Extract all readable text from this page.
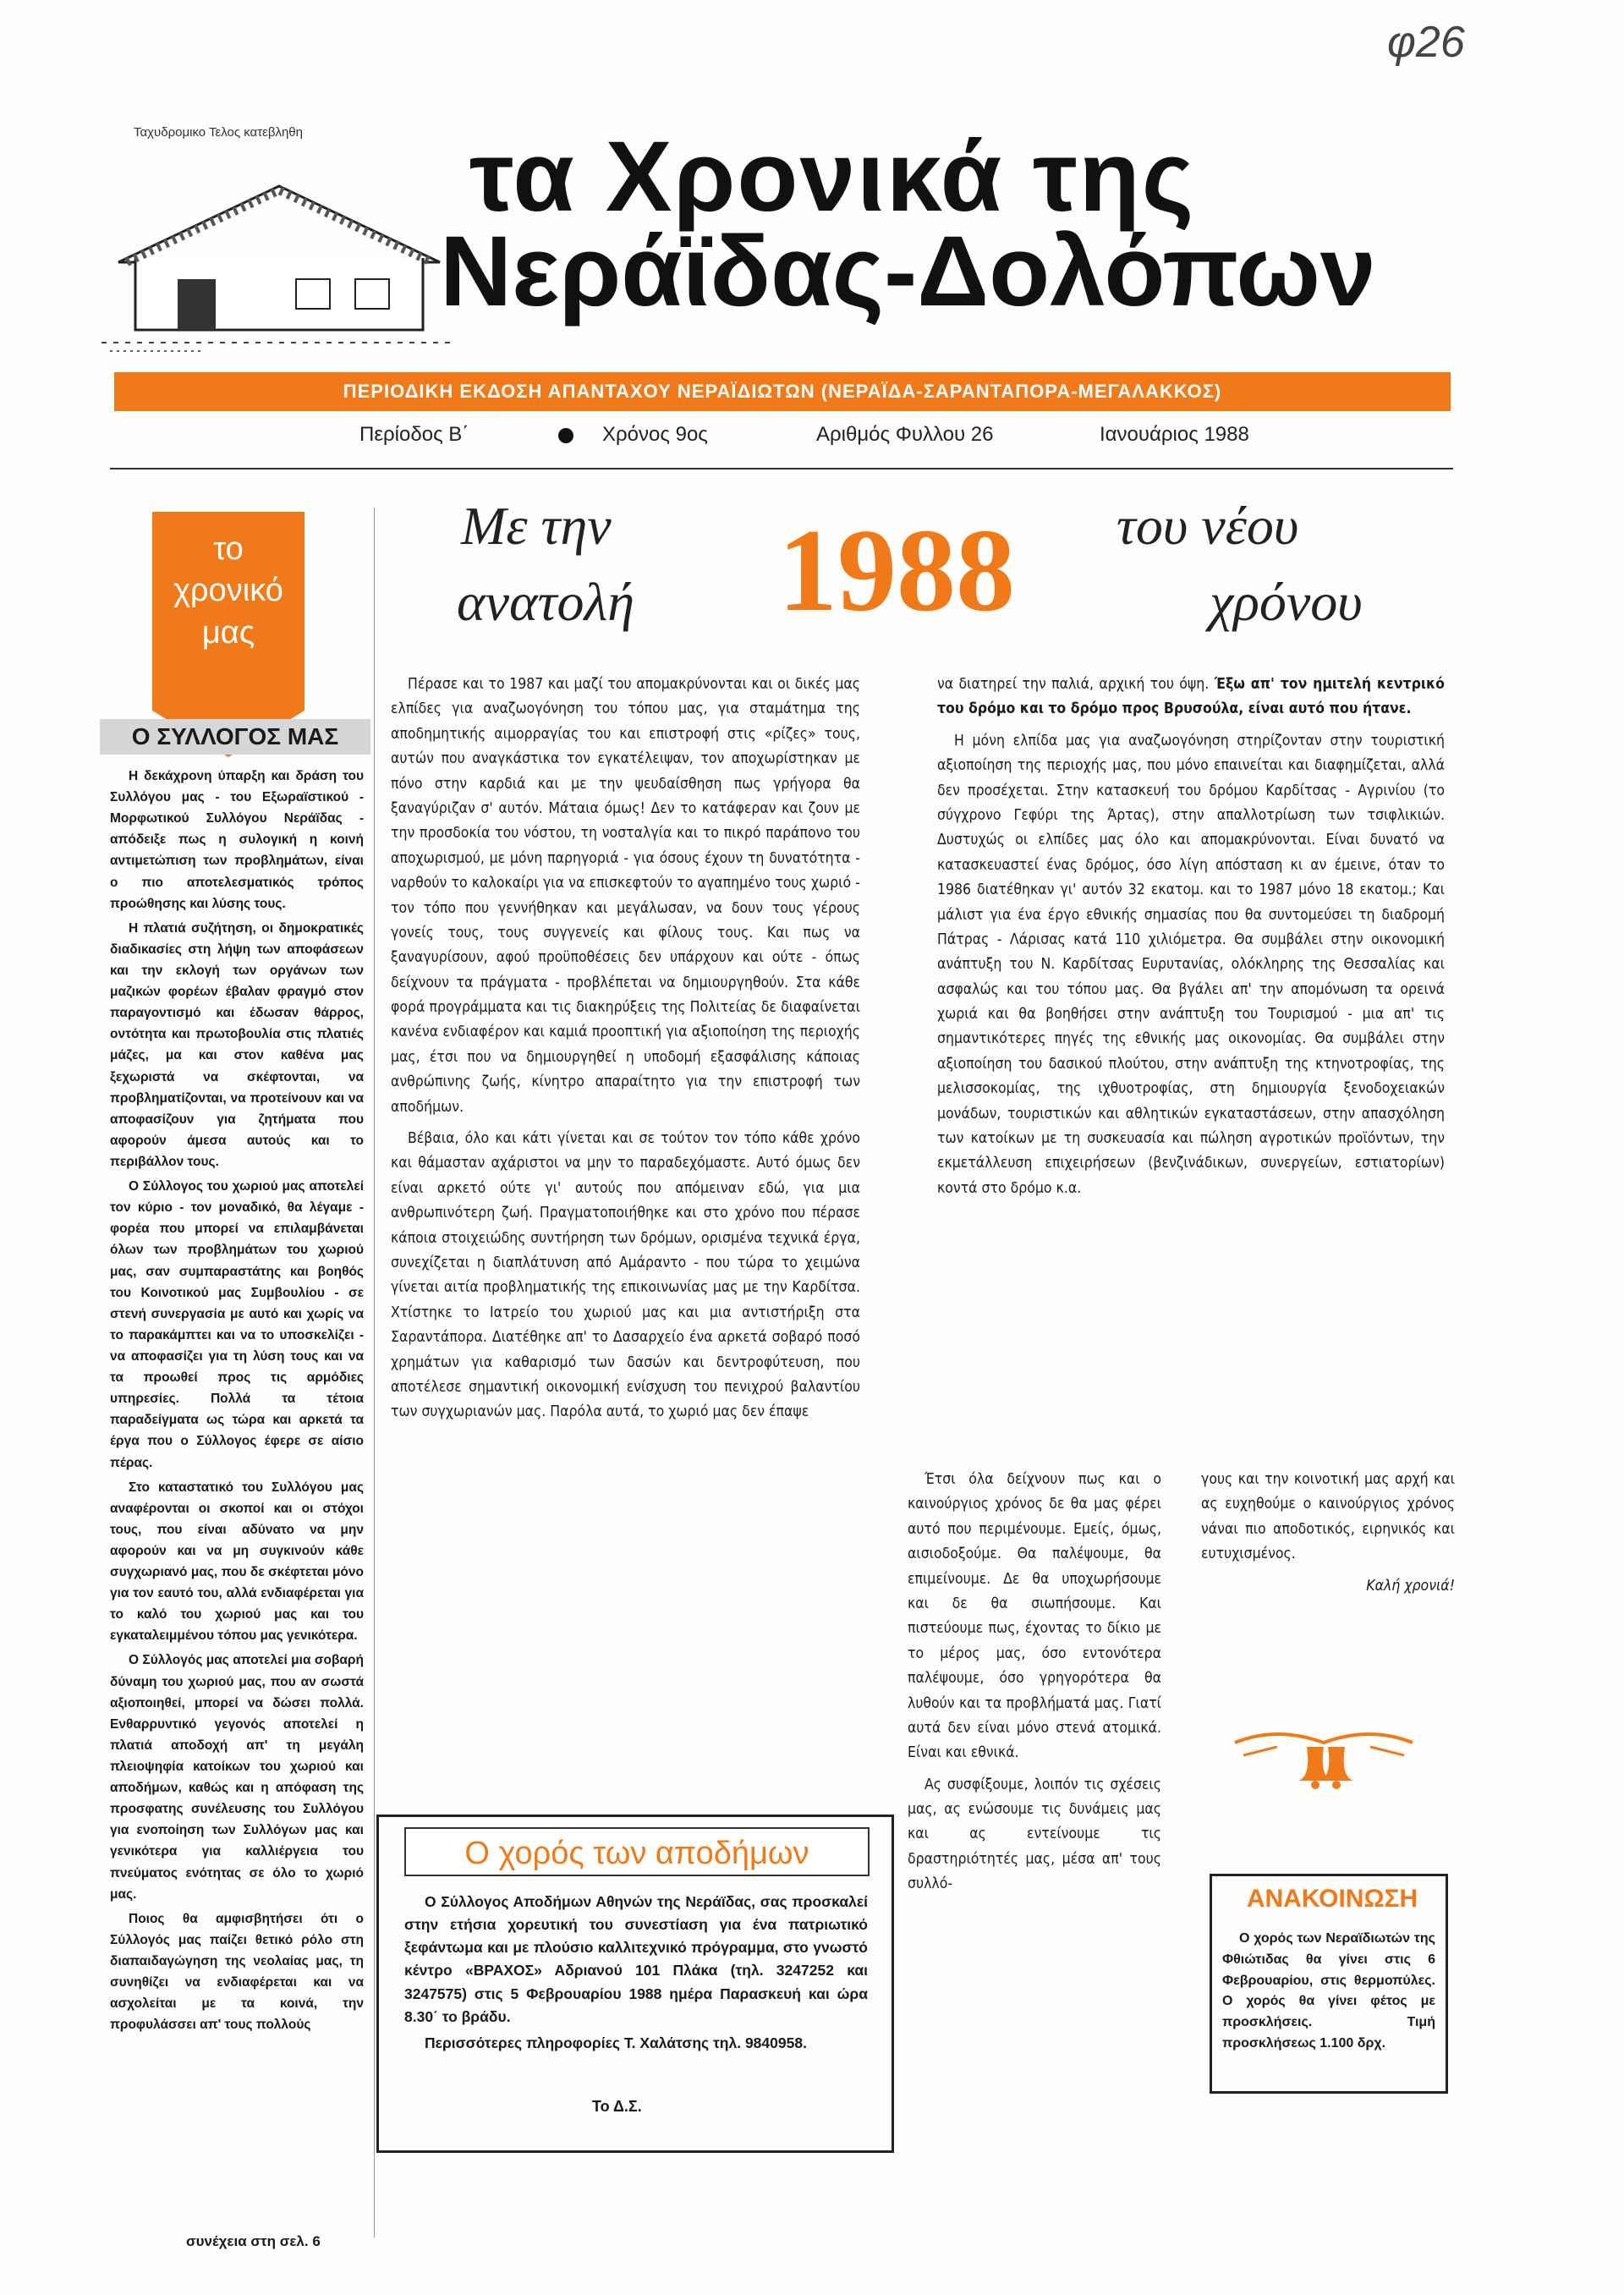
φ26
Ταχυδρομικο Τελος κατεβληθη	τα Χρονικά της
Νεράϊδας-Δολόπων
ΠΕΡΙΟΔΙΚΗ ΕΚΔΟΣΗ ΑΠΑΝΤΑΧΟΥ ΝΕΡΑΪΔΙΩΤΩΝ (ΝΕΡΑΪΔΑ-ΣΑΡΑΝΤΑΠΟΡΑ-ΜΕΓΑΛΑΚΚΟΣ)
Περίοδος Β΄	Χρόνος 9ος	Αριθμός Φυλλου 26	Ιανουάριος 1988
το
χρονικό
μας
Ο ΣΥΛΛΟΓΟΣ ΜΑΣ

Η δεκάχρονη ύπαρξη και δράση του Συλλόγου μας - του Εξωραϊστικού - Μορφωτικού Συλλόγου Νεράϊδας - απόδειξε πως η συλογική η κοινή αντιμετώπιση των προβλημάτων, είναι ο πιο αποτελεσματικός τρόπος προώθησης και λύσης τους.

Η πλατιά συζήτηση, οι δημοκρατικές διαδικασίες στη λήψη των αποφάσεων και την εκλογή των οργάνων των μαζικών φορέων έβαλαν φραγμό στον παραγοντισμό και έδωσαν θάρρος, οντότητα και πρωτοβουλία στις πλατιές μάζες, μα και στον καθένα μας ξεχωριστά να σκέφτονται, να προβληματίζονται, να προτείνουν και να αποφασίζουν για ζητήματα που αφορούν άμεσα αυτούς και το περιβάλλον τους.

Ο Σύλλογος του χωριού μας αποτελεί τον κύριο - τον μοναδικό, θα λέγαμε - φορέα που μπορεί να επιλαμβάνεται όλων των προβλημάτων του χωριού μας, σαν συμπαραστάτης και βοηθός του Κοινοτικού μας Συμβουλίου - σε στενή συνεργασία με αυτό και χωρίς να το παρακάμπτει και να το υποσκελίζει - να αποφασίζει για τη λύση τους και να τα προωθεί προς τις αρμόδιες υπηρεσίες. Πολλά τα τέτοια παραδείγματα ως τώρα και αρκετά τα έργα που ο Σύλλογος έφερε σε αίσιο πέρας.

Στο καταστατικό του Συλλόγου μας αναφέρονται οι σκοποί και οι στόχοι τους, που είναι αδύνατο να μην αφορούν και να μη συγκινούν κάθε συγχωριανό μας, που δε σκέφτεται μόνο για τον εαυτό του, αλλά ενδιαφέρεται για το καλό του χωριού μας και του εγκαταλειμμένου τόπου μας γενικότερα.

Ο Σύλλογός μας αποτελεί μια σοβαρή δύναμη του χωριού μας, που αν σωστά αξιοποιηθεί, μπορεί να δώσει πολλά. Ενθαρρυντικό γεγονός αποτελεί η πλατιά αποδοχή απ' τη μεγάλη πλειοψηφία κατοίκων του χωριού και αποδήμων, καθώς και η απόφαση της προσφατης συνέλευσης του Συλλόγου για ενοποίηση των Συλλόγων μας και γενικότερα για καλλιέργεια του πνεύματος ενότητας σε όλο το χωριό μας.

Ποιος θα αμφισβητήσει ότι ο Σύλλογός μας παίζει θετικό ρόλο στη διαπαιδαγώγηση της νεολαίας μας, τη συνηθίζει να ενδιαφέρεται και να ασχολείται με τα κοινά, την προφυλάσσει απ' τους πολλούς

συνέχεια στη σελ. 6
Με την
ανατολή 1988 του νέου
χρόνου

Πέρασε και το 1987 και μαζί του απομακρύνονται και οι δικές μας ελπίδες για αναζωογόνηση του τόπου μας, για σταμάτημα της αποδημητικής αιμορραγίας του και επιστροφή στις «ρίζες» τους, αυτών που αναγκάστικα τον εγκατέλειψαν, τον αποχωρίστηκαν με πόνο στην καρδιά και με την ψευδαίσθηση πως γρήγορα θα ξαναγύριζαν σ' αυτόν. Μάταια όμως! Δεν το κατάφεραν και ζουν με την προσδοκία του νόστου, τη νοσταλγία και το πικρό παράπονο του αποχωρισμού, με μόνη παρηγοριά - για όσους έχουν τη δυνατότητα - ναρθούν το καλοκαίρι για να επισκεφτούν το αγαπημένο τους χωριό - τον τόπο που γεννήθηκαν και μεγάλωσαν, να δουν τους γέρους γονείς τους, τους συγγενείς και φίλους τους. Και πως να ξαναγυρίσουν, αφού προϋποθέσεις δεν υπάρχουν και ούτε - όπως δείχνουν τα πράγματα - προβλέπεται να δημιουργηθούν. Στα κάθε φορά προγράμματα και τις διακηρύξεις της Πολιτείας δε διαφαίνεται κανένα ενδιαφέρον και καμιά προοπτική για αξιοποίηση της περιοχής μας, έτσι που να δημιουργηθεί η υποδομή εξασφάλισης κάποιας ανθρώπινης ζωής, κίνητρο απαραίτητο για την επιστροφή των αποδήμων.

Βέβαια, όλο και κάτι γίνεται και σε τούτον τον τόπο κάθε χρόνο και θάμασταν αχάριστοι να μην το παραδεχόμαστε. Αυτό όμως δεν είναι αρκετό ούτε γι' αυτούς που απόμειναν εδώ, για μια ανθρωπινότερη ζωή. Πραγματοποιήθηκε και στο χρόνο που πέρασε κάποια στοιχειώδης συντήρηση των δρόμων, ορισμένα τεχνικά έργα, συνεχίζεται η διαπλάτυνση από Αμάραντο - που τώρα το χειμώνα γίνεται αιτία προβληματικής της επικοινωνίας μας με την Καρδίτσα. Χτίστηκε το Ιατρείο του χωριού μας και μια αντιστήριξη στα Σαραντάπορα. Διατέθηκε απ' το Δασαρχείο ένα αρκετά σοβαρό ποσό χρημάτων για καθαρισμό των δασών και δεντροφύτευση, που αποτέλεσε σημαντική οικονομική ενίσχυση του πενιχρού βαλαντίου των συγχωριανών μας. Παρόλα αυτά, το χωριό μας δεν έπαψε

να διατηρεί την παλιά, αρχική του όψη. Έξω απ' τον ημιτελή κεντρικό του δρόμο και το δρόμο προς Βρυσούλα, είναι αυτό που ήτανε.

Η μόνη ελπίδα μας για αναζωογόνηση στηρίζονταν στην τουριστική αξιοποίηση της περιοχής μας, που μόνο επαινείται και διαφημίζεται, αλλά δεν προσέχεται. Στην κατασκευή του δρόμου Καρδίτσας - Αγρινίου (το σύγχρονο Γεφύρι της Άρτας), στην απαλλοτρίωση των τσιφλικιών. Δυστυχώς οι ελπίδες μας όλο και απομακρύνονται. Είναι δυνατό να κατασκευαστεί ένας δρόμος, όσο λίγη απόσταση κι αν έμεινε, όταν το 1986 διατέθηκαν γι' αυτόν 32 εκατομ. και το 1987 μόνο 18 εκατομ.; Και μάλιστ για ένα έργο εθνικής σημασίας που θα συντομεύσει τη διαδρομή Πάτρας - Λάρισας κατά 110 χιλιόμετρα. Θα συμβάλει στην οικονομική ανάπτυξη του Ν. Καρδίτσας Ευρυτανίας, ολόκληρης της Θεσσαλίας και ασφαλώς και του τόπου μας. Θα βγάλει απ' την απομόνωση τα ορεινά χωριά και θα βοηθήσει στην ανάπτυξη του Τουρισμού - μια απ' τις σημαντικότερες πηγές της εθνικής μας οικονομίας. Θα συμβάλει στην αξιοποίηση του δασικού πλούτου, στην ανάπτυξη της κτηνοτροφίας, της μελισσοκομίας, της ιχθυοτροφίας, στη δημιουργία ξενοδοχειακών μονάδων, τουριστικών και αθλητικών εγκαταστάσεων, στην απασχόληση των κατοίκων με τη συσκευασία και πώληση αγροτικών προϊόντων, την εκμετάλλευση επιχειρήσεων (βενζινάδικων, συνεργείων, εστιατορίων) κοντά στο δρόμο κ.α.

Έτσι όλα δείχνουν πως και ο καινούργιος χρόνος δε θα μας φέρει αυτό που περιμένουμε. Εμείς, όμως, αισιοδοξούμε. Θα παλέψουμε, θα επιμείνουμε. Δε θα υποχωρήσουμε και δε θα σιωπήσουμε. Και πιστεύουμε πως, έχοντας το δίκιο με το μέρος μας, όσο εντονότερα παλέψουμε, όσο γρηγορότερα θα λυθούν και τα προβλήματά μας. Γιατί αυτά δεν είναι μόνο στενά ατομικά. Είναι και εθνικά.

Ας συσφίξουμε, λοιπόν τις σχέσεις μας, ας ενώσουμε τις δυνάμεις μας και ας εντείνουμε τις δραστηριότητές μας, μέσα απ' τους συλλό-

γους και την κοινοτική μας αρχή και ας ευχηθούμε ο καινούργιος χρόνος νάναι πιο αποδοτικός, ειρηνικός και ευτυχισμένος.

Καλή χρονιά!

Ο χορός των αποδήμων

Ο Σύλλογος Αποδήμων Αθηνών της Νεράϊδας, σας προσκαλεί στην ετήσια χορευτική του συνεστίαση για ένα πατριωτικό ξεφάντωμα και με πλούσιο καλλιτεχνικό πρόγραμμα, στο γνωστό κέντρο «ΒΡΑΧΟΣ» Αδριανού 101 Πλάκα (τηλ. 3247252 και 3247575) στις 5 Φεβρουαρίου 1988 ημέρα Παρασκευή και ώρα 8.30΄ το βράδυ.

Περισσότερες πληροφορίες Τ. Χαλάτσης τηλ. 9840958.

Το Δ.Σ.
ΑΝΑΚΟΙΝΩΣΗ

Ο χορός των Νεραϊδιωτών της Φθιώτιδας θα γίνει στις 6 Φεβρουαρίου, στις θερμοπύλες. Ο χορός θα γίνει φέτος με προσκλήσεις. Τιμή προσκλήσεως 1.100 δρχ.
